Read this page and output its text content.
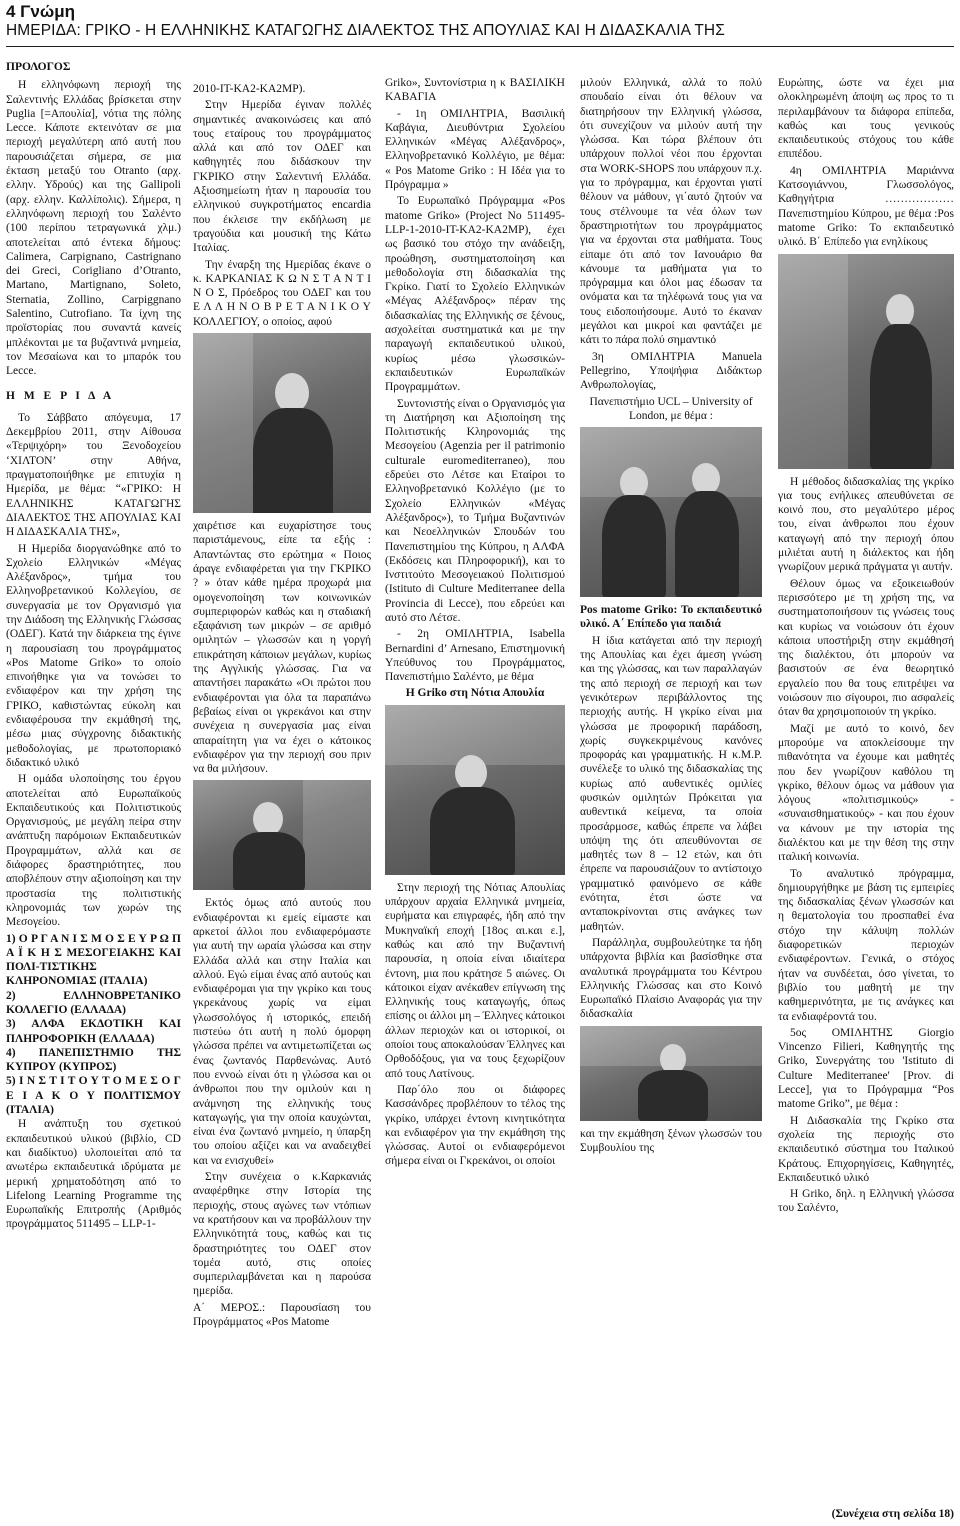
4 Γνώμη
ΗΜΕΡΙΔΑ: ΓΡΙΚΟ - Η ΕΛΛΗΝΙΚΗΣ ΚΑΤΑΓΩΓΗΣ ΔΙΑΛΕΚΤΟΣ ΤΗΣ ΑΠΟΥΛΙΑΣ ΚΑΙ Η ΔΙΔΑΣΚΑΛΙΑ ΤΗΣ
ΠΡΟΛΟΓΟΣ

Η ελληνόφωνη περιοχή της Σαλεντινής Ελλάδας βρίσκεται στην Puglia [=Απουλία], νότια της πόλης Lecce. Κάποτε εκτεινόταν σε μια περιοχή μεγαλύτερη από αυτή που παρουσιάζεται σήμερα, σε μια έκταση μεταξύ του Otranto (αρχ. ελλην. Υδρούς) και της Gallipoli (αρχ. ελλην. Καλλίπολις). Σήμερα, η ελληνόφωνη περιοχή του Σαλέντο (100 περίπου τετραγωνικά χλμ.) αποτελείται από έντεκα δήμους: Calimera, Carpignano, Castrignano dei Greci, Corigliano d’Otranto, Martano, Martignano, Soleto, Sternatia, Zollino, Carpiggnano Salentino, Cutrofiano. Τα ίχνη της προϊστορίας που συναντά κανείς μπλέκονται με τα βυζαντινά μνημεία, τον Μεσαίωνα και το μπαρόκ του Lecce.

Η Μ Ε Ρ Ι Δ Α

Το Σάββατο απόγευμα, 17 Δεκεμβρίου 2011, στην Αίθουσα «Τερψιχόρη» του Ξενοδοχείου ‘ΧΙΛΤΟΝ’ στην Αθήνα, πραγματοποιήθηκε με επιτυχία η Ημερίδα, με θέμα: “«ΓΡΙΚΟ: Η ΕΛΛΗΝΙΚΗΣ ΚΑΤΑΓΩΓΗΣ ΔΙΑΛΕΚΤΟΣ ΤΗΣ ΑΠΟΥΛΙΑΣ ΚΑΙ Η ΔΙΔΑΣΚΑΛΙΑ ΤΗΣ»,

Η Ημερίδα διοργανώθηκε από το Σχολείο Ελληνικών «Μέγας Αλέξανδρος», τμήμα του Ελληνοβρετανικού Κολλεγίου, σε συνεργασία με τον Οργανισμό για την Διάδοση της Ελληνικής Γλώσσας (ΟΔΕΓ). Κατά την διάρκεια της έγινε η παρουσίαση του προγράμματος «Pos Matome Griko» το οποίο επινοήθηκε για να τονώσει το ενδιαφέρον και την χρήση της ΓΡΙΚΟ, καθιστώντας εύκολη και ενδιαφέρουσα την εκμάθησή της, μέσω μιας σύγχρονης διδακτικής μεθοδολογίας, με πρωτοποριακό διδακτικό υλικό

Η ομάδα υλοποίησης του έργου αποτελείται από Ευρωπαϊκούς Εκπαιδευτικούς και Πολιτιστικούς Οργανισμούς, με μεγάλη πείρα στην ανάπτυξη παρόμοιων Εκπαιδευτικών Προγραμμάτων, αλλά και σε διάφορες δραστηριότητες, που αποβλέπουν στην αξιοποίηση και την προστασία της πολιτιστικής κληρονομιάς των χωρών της Μεσογείου.

1) Ο Ρ Γ Α Ν Ι Σ Μ Ο Σ Ε Υ Ρ Ω Π Α Ϊ Κ Η Σ ΜΕΣΟΓΕΙΑΚΗΣ ΚΑΙ ΠΟΛΙ-ΤΙΣΤΙΚΗΣ ΚΛΗΡΟΝΟΜΙΑΣ (ΙΤΑΛΙΑ)

2) ΕΛΛΗΝΟΒΡΕΤΑΝΙΚΟ ΚΟΛΛΕΓΙΟ (ΕΛΛΑΔΑ)

3) ΑΛΦΑ ΕΚΔΟΤΙΚΗ ΚΑΙ ΠΛΗΡΟΦΟΡΙΚΗ (ΕΛΛΑΔΑ)

4) ΠΑΝΕΠΙΣΤΗΜΙΟ ΤΗΣ ΚΥΠΡΟΥ (ΚΥΠΡΟΣ)

5) Ι Ν Σ Τ Ι Τ Ο Υ Τ Ο Μ Ε Σ Ο Γ Ε Ι Α Κ Ο Υ ΠΟΛΙΤΙΣΜΟΥ (ΙΤΑΛΙΑ)

Η ανάπτυξη του σχετικού εκπαιδευτικού υλικού (βιβλίο, CD και διαδίκτυο) υλοποιείται από τα ανωτέρω εκπαιδευτικά ιδρύματα με μερική χρηματοδότηση από το Lifelong Learning Programme της Ευρωπαϊκής Επιτροπής (Αριθμός προγράμματος 511495 – LLP-1-

2010-IT-KA2-KA2MP).

Στην Ημερίδα έγιναν πολλές σημαντικές ανακοινώσεις και από τους εταίρους του προγράμματος αλλά και από τον ΟΔΕΓ και καθηγητές που διδάσκουν την ΓΚΡΙΚΟ στην Σαλεντινή Ελλάδα. Αξιοσημείωτη ήταν η παρουσία του ελληνικού συγκροτήματος encardia που έκλεισε την εκδήλωση με τραγούδια και μουσική της Κάτω Ιταλίας.

Την έναρξη της Ημερίδας έκανε ο κ. ΚΑΡΚΑΝΙΑΣ Κ Ω Ν Σ Τ Α Ν Τ Ι Ν Ο Σ, Πρόεδρος του ΟΔΕΓ και του Ε Λ Λ Η Ν Ο Β Ρ Ε Τ Α Ν Ι Κ Ο Υ ΚΟΛΛΕΓΙΟΥ, ο οποίος, αφού

χαιρέτισε και ευχαρίστησε τους παριστάμενους, είπε τα εξής : Απαντώντας στο ερώτημα « Ποιος άραγε ενδιαφέρεται για την ΓΚΡΙΚΟ ? » όταν κάθε ημέρα προχωρά μια ομογενοποίηση των κοινωνικών συμπεριφορών καθώς και η σταδιακή εξαφάνιση των μικρών – σε αριθμό ομιλητών – γλωσσών και η γοργή επικράτηση κάποιων μεγάλων, κυρίως της Αγγλικής γλώσσας. Για να απαντήσει παρακάτω «Οι πρώτοι που ενδιαφέρονται για όλα τα παραπάνω βεβαίως είναι οι γκρεκάνοι και στην συνέχεια η συνεργασία μας είναι απαραίτητη για να έχει ο κάτοικος ενδιαφέρον για την περιοχή σου πριν να θα μιλήσουν.

Εκτός όμως από αυτούς που ενδιαφέρονται κι εμείς είμαστε και αρκετοί άλλοι που ενδιαφερόμαστε για αυτή την ωραία γλώσσα και στην Ελλάδα αλλά και στην Ιταλία και αλλού. Εγώ είμαι ένας από αυτούς και ενδιαφέρομαι για την γκρίκο και τους γκρεκάνους χωρίς να είμαι γλωσσολόγος ή ιστορικός, επειδή πιστεύω ότι αυτή η πολύ όμορφη γλώσσα πρέπει να αντιμετωπίζεται ως ένας ζωντανός Παρθενώνας. Αυτό που εννοώ είναι ότι η γλώσσα και οι άνθρωποι που την ομιλούν και η ανάμνηση της ελληνικής τους καταγωγής, για την οποία καυχώνται, είναι ένα ζωντανό μνημείο, η ύπαρξη του οποίου αξίζει και να αναδειχθεί και να ενισχυθεί»

Στην συνέχεια ο κ.Καρκανιάς αναφέρθηκε στην Ιστορία της περιοχής, στους αγώνες των ντόπιων να κρατήσουν και να προβάλλουν την Ελληνικότητά τους, καθώς και τις δραστηριότητες του ΟΔΕΓ στον τομέα αυτό, στις οποίες συμπεριλαμβάνεται και η παρούσα ημερίδα.

Α΄ ΜΕΡΟΣ.: Παρουσίαση του Προγράμματος «Pos Matome

Griko», Συντονίστρια η κ ΒΑΣΙΛΙΚΗ ΚΑΒΑΓΙΑ

- 1η ΟΜΙΛΗΤΡΙΑ, Βασιλική Καβάγια, Διευθύντρια Σχολείου Ελληνικών «Μέγας Αλέξανδρος», Ελληνοβρετανικό Κολλέγιο, με θέμα: « Pos Matome Griko : Η Ιδέα για το Πρόγραμμα »

Το Ευρωπαϊκό Πρόγραμμα «Pos matome Griko» (Project No 511495-LLP-1-2010-IT-KA2-KA2MP), έχει ως βασικό του στόχο την ανάδειξη, προώθηση, συστηματοποίηση και μεθοδολογία στη διδασκαλία της Γκρίκο. Γιατί το Σχολείο Ελληνικών «Μέγας Αλέξανδρος» πέραν της διδασκαλίας της Ελληνικής σε ξένους, ασχολείται συστηματικά και με την παραγωγή εκπαιδευτικού υλικού, κυρίως μέσω γλωσσικών-εκπαιδευτικών Ευρωπαϊκών Προγραμμάτων.

Συντονιστής είναι ο Οργανισμός για τη Διατήρηση και Αξιοποίηση της Πολιτιστικής Κληρονομιάς της Μεσογείου (Agenzia per il patrimonio culturale euromediterraneo), που εδρεύει στο Λέτσε και Εταίροι το Ελληνοβρετανικό Κολλέγιο (με το Σχολείο Ελληνικών «Μέγας Αλέξανδρος»), το Τμήμα Βυζαντινών και Νεοελληνικών Σπουδών του Πανεπιστημίου της Κύπρου, η ΑΛΦΑ (Εκδόσεις και Πληροφορική), και το Ινστιτούτο Μεσογειακού Πολιτισμού (Istituto di Culture Mediterranee della Provincia di Lecce), που εδρεύει και αυτό στο Λέτσε.

- 2η ΟΜΙΛΗΤΡΙΑ, Isabella Bernardini d’ Arnesano, Επιστημονική Υπεύθυνος του Προγράμματος, Πανεπιστήμιο Σαλέντο, με θέμα

Η Griko στη Νότια Απουλία

Στην περιοχή της Νότιας Απουλίας υπάρχουν αρχαία Ελληνικά μνημεία, ευρήματα και επιγραφές, ήδη από την Μυκηναϊκή εποχή [18ος αι.και ε.], καθώς και από την Βυζαντινή παρουσία, η οποία είναι ιδιαίτερα έντονη, μια που κράτησε 5 αιώνες. Οι κάτοικοι είχαν ανέκαθεν επίγνωση της Ελληνικής τους καταγωγής, όπως επίσης οι άλλοι μη – Έλληνες κάτοικοι άλλων περιοχών και οι ιστορικοί, οι οποίοι τους αποκαλούσαν Έλληνες και Ορθοδόξους, για να τους ξεχωρίζουν από τους Λατίνους.

Παρ΄όλο που οι διάφορες Κασσάνδρες προβλέπουν το τέλος της γκρίκο, υπάρχει έντονη κινητικότητα και ενδιαφέρον για την εκμάθηση της γλώσσας. Αυτοί οι ενδιαφερόμενοι σήμερα είναι οι Γκρεκάνοι, οι οποίοι

μιλούν Ελληνικά, αλλά το πολύ σπουδαίο είναι ότι θέλουν να διατηρήσουν την Ελληνική γλώσσα, ότι συνεχίζουν να μιλούν αυτή την γλώσσα. Και τώρα βλέπουν ότι υπάρχουν πολλοί νέοι που έρχονται στα WORK-SHOPS που υπάρχουν π.χ. για το πρόγραμμα, και έρχονται γιατί θέλουν να μάθουν, γι΄αυτό ζητούν να τους στέλνουμε τα νέα όλων των δραστηριοτήτων του προγράμματος για να έρχονται στα μαθήματα. Τους είπαμε ότι από τον Ιανουάριο θα κάνουμε τα μαθήματα για το πρόγραμμα και όλοι μας έδωσαν τα ονόματα και τα τηλέφωνά τους για να τους ειδοποιήσουμε. Αυτό το έκαναν μεγάλοι και μικροί και φαντάζει με κάτι το πάρα πολύ σημαντικό

3η ΟΜΙΛΗΤΡΙΑ Manuela Pellegrino, Υποψήφια Διδάκτωρ Ανθρωπολογίας,

Πανεπιστήμιο UCL – University of London, με θέμα :

Pos matome Griko: Το εκπαιδευτικό υλικό. Α΄ Επίπεδο για παιδιά

Η ίδια κατάγεται από την περιοχή της Απουλίας και έχει άμεση γνώση και της γλώσσας, και των παραλλαγών της από περιοχή σε περιοχή και των γενικότερων περιβάλλοντος της περιοχής αυτής. Η γκρίκο είναι μια γλώσσα με προφορική παράδοση, χωρίς συγκεκριμένους κανόνες προφοράς και γραμματικής. Η κ.Μ.Ρ. συνέλεξε το υλικό της διδασκαλίας της κυρίως από αυθεντικές ομιλίες φυσικών ομιλητών Πρόκειται για αυθεντικά κείμενα, τα οποία προσάρμοσε, καθώς έπρεπε να λάβει υπόψη της ότι απευθύνονται σε μαθητές των 8 – 12 ετών, και ότι έπρεπε να παρουσιάζουν το αντίστοιχο γραμματικό φαινόμενο σε κάθε ενότητα, έτσι ώστε να ανταποκρίνονται στις ανάγκες των μαθητών.

Παράλληλα, συμβουλεύτηκε τα ήδη υπάρχοντα βιβλία και βασίσθηκε στα αναλυτικά προγράμματα του Κέντρου Ελληνικής Γλώσσας και στο Κοινό Ευρωπαϊκό Πλαίσιο Αναφοράς για την διδασκαλία

και την εκμάθηση ξένων γλωσσών του Συμβουλίου της

Ευρώπης, ώστε να έχει μια ολοκληρωμένη άποψη ως προς το τι περιλαμβάνουν τα διάφορα επίπεδα, καθώς και τους γενικούς εκπαιδευτικούς στόχους του κάθε επιπέδου.

4η ΟΜΙΛΗΤΡΙΑ Μαριάννα Κατσογιάννου, Γλωσσολόγος, Καθηγήτρια ……………… Πανεπιστημίου Κύπρου, με θέμα :Pos matome Griko: Το εκπαιδευτικό υλικό. Β΄ Επίπεδο για ενηλίκους

Η μέθοδος διδασκαλίας της γκρίκο για τους ενήλικες απευθύνεται σε κοινό που, στο μεγαλύτερο μέρος του, είναι άνθρωποι που έχουν καταγωγή από την περιοχή όπου μιλιέται αυτή η διάλεκτος και ήδη γνωρίζουν μερικά πράγματα γι αυτήν.

Θέλουν όμως να εξοικειωθούν περισσότερο με τη χρήση της, να συστηματοποιήσουν τις γνώσεις τους και κυρίως να νοιώσουν ότι έχουν κάποια υποστήριξη στην εκμάθησή της διαλέκτου, ότι μπορούν να βασιστούν σε ένα θεωρητικό εργαλείο που θα τους επιτρέψει να νοιώσουν πιο σίγουροι, πιο ασφαλείς όταν θα χρησιμοποιούν τη γκρίκο.

Μαζί με αυτό το κοινό, δεν μπορούμε να αποκλείσουμε την πιθανότητα να έχουμε και μαθητές που δεν γνωρίζουν καθόλου τη γκρίκο, θέλουν όμως να μάθουν για λόγους «πολιτισμικούς» - «συναισθηματικούς» - και που έχουν να κάνουν με την ιστορία της διαλέκτου και με την θέση της στην ιταλική κοινωνία.

Το αναλυτικό πρόγραμμα, δημιουργήθηκε με βάση τις εμπειρίες της διδασκαλίας ξένων γλωσσών και η θεματολογία του προσπαθεί ένα στόχο την κάλυψη πολλών διαφορετικών περιοχών ενδιαφέροντων. Γενικά, ο στόχος ήταν να συνδέεται, όσο γίνεται, το βιβλίο του μαθητή με την καθημερινότητα, με τις ανάγκες και τα ενδιαφέροντά του.

5ος ΟΜΙΛΗΤΗΣ Giorgio Vincenzo Filieri, Καθηγητής της Griko, Συνεργάτης του 'Istituto di Culture Mediterranee' [Prov. di Lecce], για το Πρόγραμμα “Pos matome Griko”, με θέμα :

Η Διδασκαλία της Γκρίκο στα σχολεία της περιοχής στο εκπαιδευτικό σύστημα του Ιταλικού Κράτους. Επιχορηγίσεις, Καθηγητές, Εκπαιδευτικό υλικό

Η Griko, δηλ. η Ελληνική γλώσσα του Σαλέντο,

(Συνέχεια στη σελίδα 18)
